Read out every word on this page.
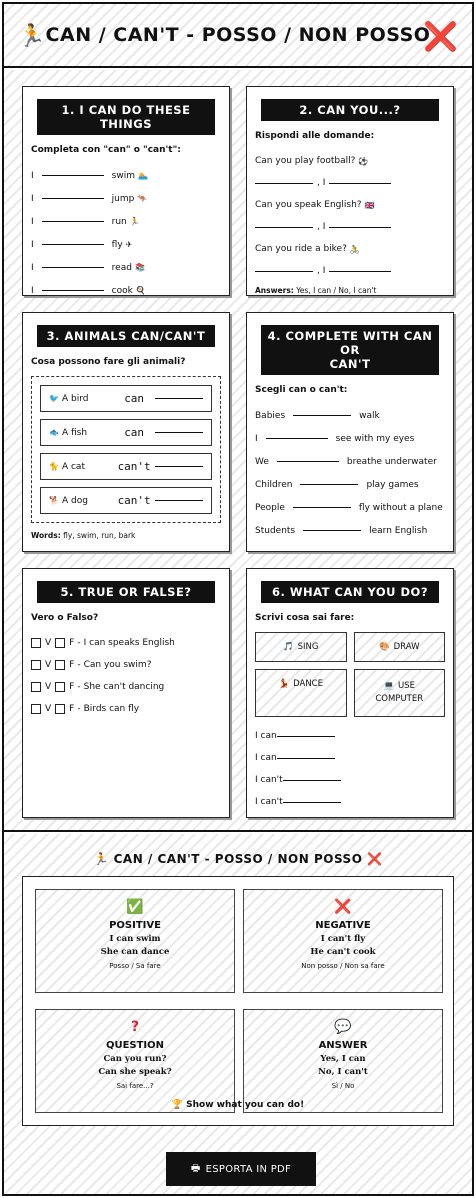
🏃 CAN / CAN'T - POSSO / NON POSSO
❌
1. I CAN DO THESE THINGS
Completa con "can" o "can't":
I	swim 🏊
I	jump 🦘
I	run 🏃
I	fly ✈
I	read 📚
I	cook 🍳
2. CAN YOU...?
Rispondi alle domande:
Can you play football? ⚽
, I
Can you speak English? 🇬🇧
, I
Can you ride a bike? 🚴
, I
Answers: Yes, I can / No, I can't
3. ANIMALS CAN/CAN'T
Cosa possono fare gli animali?
🐦 A bird	can
🐟 A fish	can
🐈 A cat	can't
🐕 A dog	can't
Words: fly, swim, run, bark
4. COMPLETE WITH CAN OR
CAN'T
Scegli can o can't:
Babies	walk
I	see with my eyes
We	breathe underwater
Children	play games
People	fly without a plane
Students	learn English
5. TRUE OR FALSE?
Vero o Falso?
V F - I can speaks English
V F - Can you swim?
V F - She can't dancing
V F - Birds can fly
6. WHAT CAN YOU DO?
Scrivi cosa sai fare:
🎵 SING	🎨 DRAW
💃 DANCE	💻 USE
COMPUTER
I can
I can
I can't
I can't
🏃 CAN / CAN'T - POSSO / NON POSSO ❌
✅
POSITIVE
I can swim
She can dance
Posso / Sa fare
❌
NEGATIVE
I can't fly
He can't cook
Non posso / Non sa fare
?
QUESTION
Can you run?
Can she speak?
Sai fare...?
💬
ANSWER
Yes, I can
No, I can't
Sì / No
🏆 Show what you can do!
🖶 ESPORTA IN PDF
